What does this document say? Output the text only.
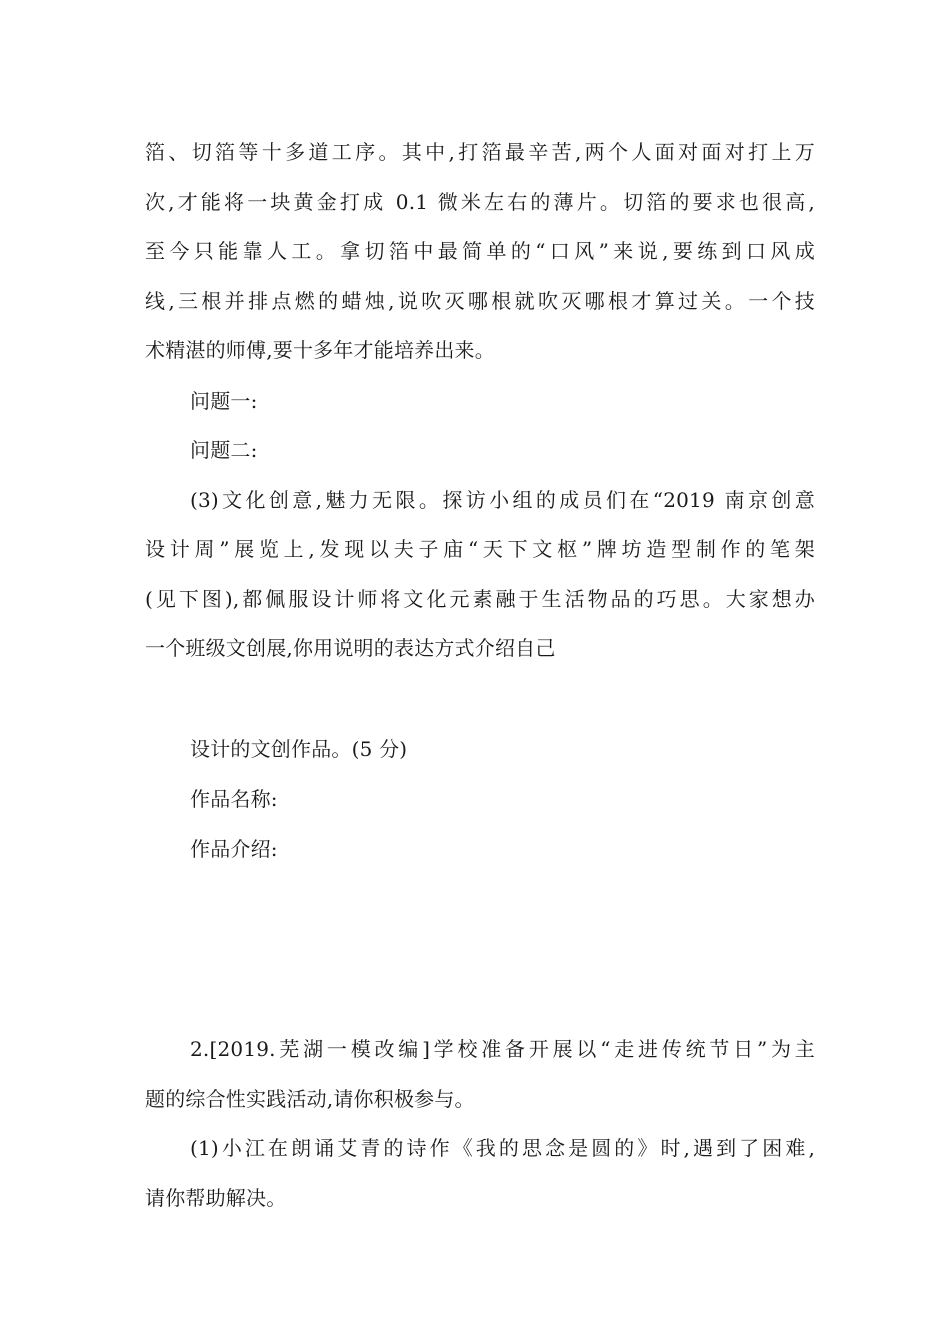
箔、切箔等十多道工序。其中,打箔最辛苦,两个人面对面对打上万
次,才能将一块黄金打成 0.1 微米左右的薄片。切箔的要求也很高,
至今只能靠人工。拿切箔中最简单的“口风”来说,要练到口风成
线,三根并排点燃的蜡烛,说吹灭哪根就吹灭哪根才算过关。一个技
术精湛的师傅,要十多年才能培养出来。
问题一:
问题二:
(3)文化创意,魅力无限。探访小组的成员们在“2019 南京创意
设计周”展览上,发现以夫子庙“天下文枢”牌坊造型制作的笔架
(见下图),都佩服设计师将文化元素融于生活物品的巧思。大家想办
一个班级文创展,你用说明的表达方式介绍自己
设计的文创作品。(5 分)
作品名称:
作品介绍:
2.[2019.芜湖一模改编]学校准备开展以“走进传统节日”为主
题的综合性实践活动,请你积极参与。
(1)小江在朗诵艾青的诗作《我的思念是圆的》时,遇到了困难,
请你帮助解决。
